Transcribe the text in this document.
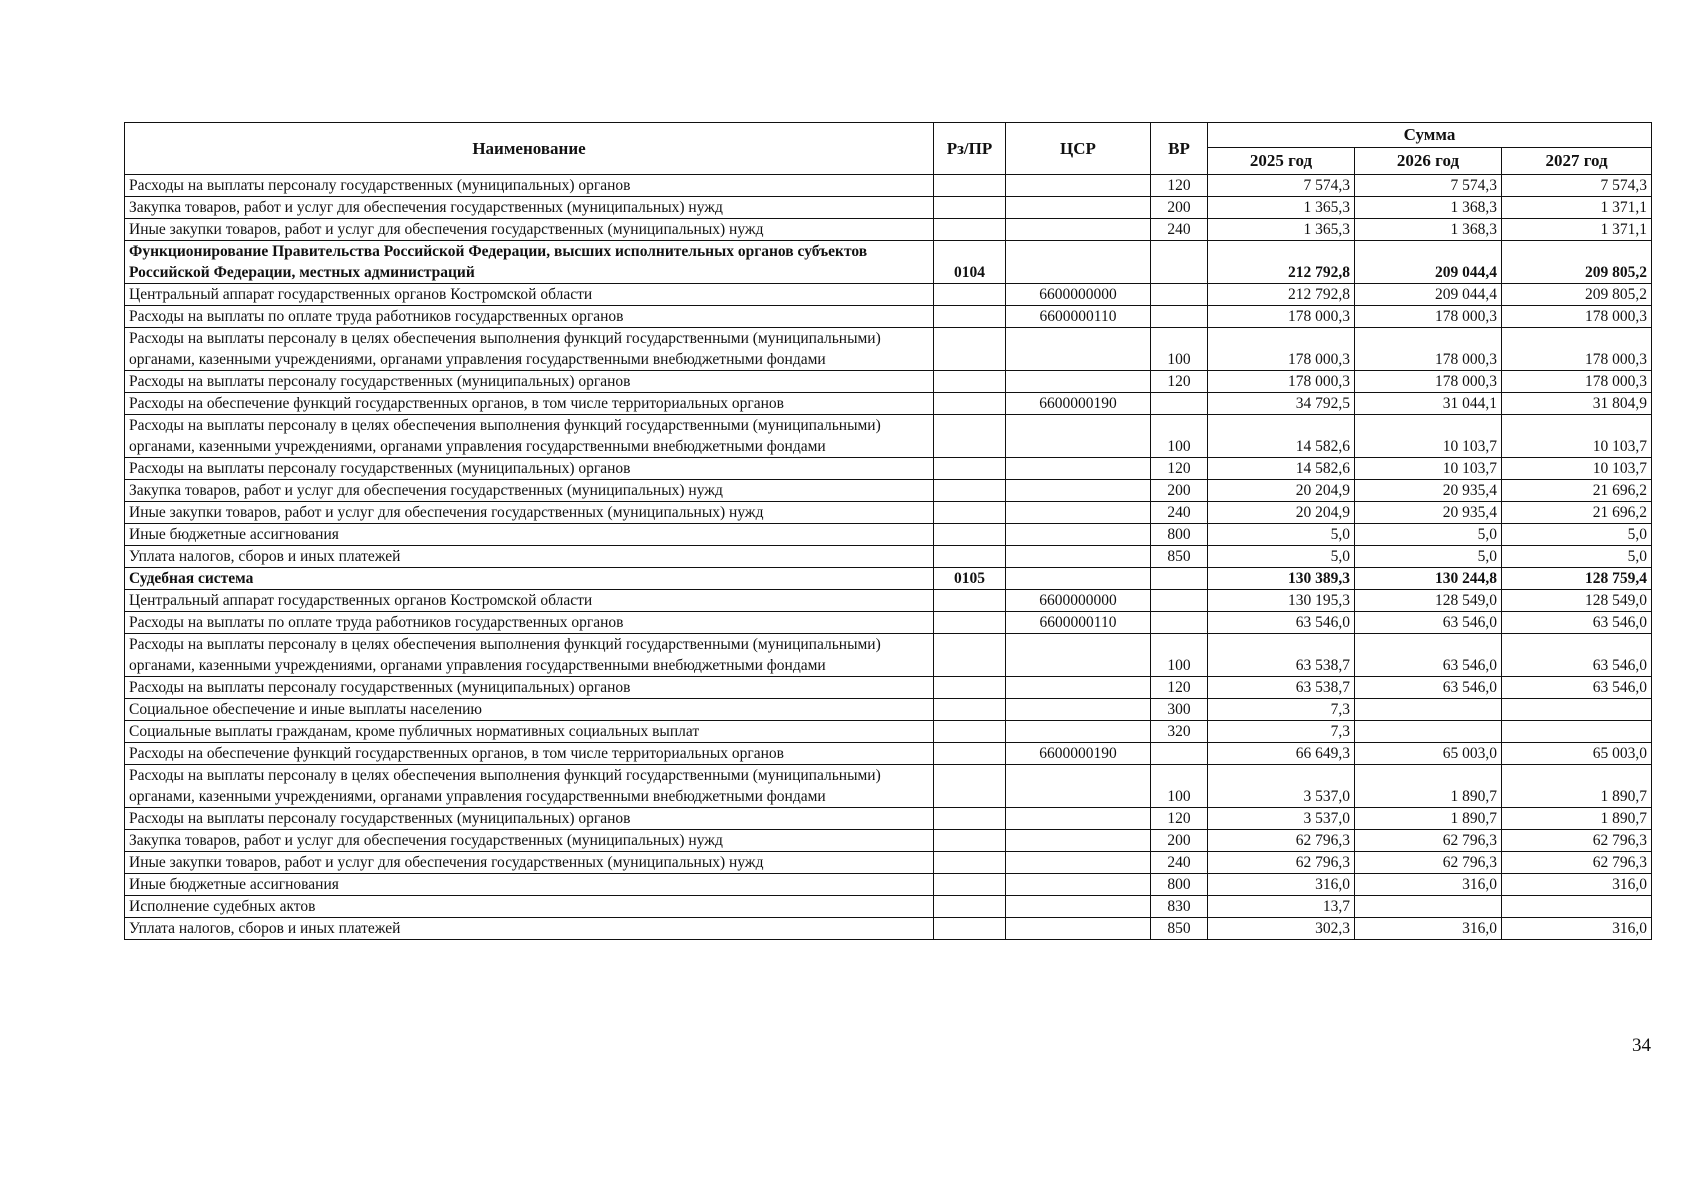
Наименование	Рз/ПР	ЦСР	ВР	Сумма		
				2025 год	2026 год	2027 год
Расходы на выплаты персоналу государственных (муниципальных) органов			120	7 574,3	7 574,3	7 574,3
Закупка товаров, работ и услуг для обеспечения государственных (муниципальных) нужд			200	1 365,3	1 368,3	1 371,1
Иные закупки товаров, работ и услуг для обеспечения государственных (муниципальных) нужд			240	1 365,3	1 368,3	1 371,1
Функционирование Правительства Российской Федерации, высших исполнительных органов субъектов Российской Федерации, местных администраций	0104			212 792,8	209 044,4	209 805,2
Центральный аппарат государственных органов Костромской области		6600000000		212 792,8	209 044,4	209 805,2
Расходы на выплаты по оплате труда работников государственных органов		6600000110		178 000,3	178 000,3	178 000,3
Расходы на выплаты персоналу в целях обеспечения выполнения функций государственными (муниципальными) органами, казенными учреждениями, органами управления государственными внебюджетными фондами			100	178 000,3	178 000,3	178 000,3
Расходы на выплаты персоналу государственных (муниципальных) органов			120	178 000,3	178 000,3	178 000,3
Расходы на обеспечение функций государственных органов, в том числе территориальных органов		6600000190		34 792,5	31 044,1	31 804,9
Расходы на выплаты персоналу в целях обеспечения выполнения функций государственными (муниципальными) органами, казенными учреждениями, органами управления государственными внебюджетными фондами			100	14 582,6	10 103,7	10 103,7
Расходы на выплаты персоналу государственных (муниципальных) органов			120	14 582,6	10 103,7	10 103,7
Закупка товаров, работ и услуг для обеспечения государственных (муниципальных) нужд			200	20 204,9	20 935,4	21 696,2
Иные закупки товаров, работ и услуг для обеспечения государственных (муниципальных) нужд			240	20 204,9	20 935,4	21 696,2
Иные бюджетные ассигнования			800	5,0	5,0	5,0
Уплата налогов, сборов и иных платежей			850	5,0	5,0	5,0
Судебная система	0105			130 389,3	130 244,8	128 759,4
Центральный аппарат государственных органов Костромской области		6600000000		130 195,3	128 549,0	128 549,0
Расходы на выплаты по оплате труда работников государственных органов		6600000110		63 546,0	63 546,0	63 546,0
Расходы на выплаты персоналу в целях обеспечения выполнения функций государственными (муниципальными) органами, казенными учреждениями, органами управления государственными внебюджетными фондами			100	63 538,7	63 546,0	63 546,0
Расходы на выплаты персоналу государственных (муниципальных) органов			120	63 538,7	63 546,0	63 546,0
Социальное обеспечение и иные выплаты населению			300	7,3		
Социальные выплаты гражданам, кроме публичных нормативных социальных выплат			320	7,3		
Расходы на обеспечение функций государственных органов, в том числе территориальных органов		6600000190		66 649,3	65 003,0	65 003,0
Расходы на выплаты персоналу в целях обеспечения выполнения функций государственными (муниципальными) органами, казенными учреждениями, органами управления государственными внебюджетными фондами			100	3 537,0	1 890,7	1 890,7
Расходы на выплаты персоналу государственных (муниципальных) органов			120	3 537,0	1 890,7	1 890,7
Закупка товаров, работ и услуг для обеспечения государственных (муниципальных) нужд			200	62 796,3	62 796,3	62 796,3
Иные закупки товаров, работ и услуг для обеспечения государственных (муниципальных) нужд			240	62 796,3	62 796,3	62 796,3
Иные бюджетные ассигнования			800	316,0	316,0	316,0
Исполнение судебных актов			830	13,7		
Уплата налогов, сборов и иных платежей			850	302,3	316,0	316,0
34
